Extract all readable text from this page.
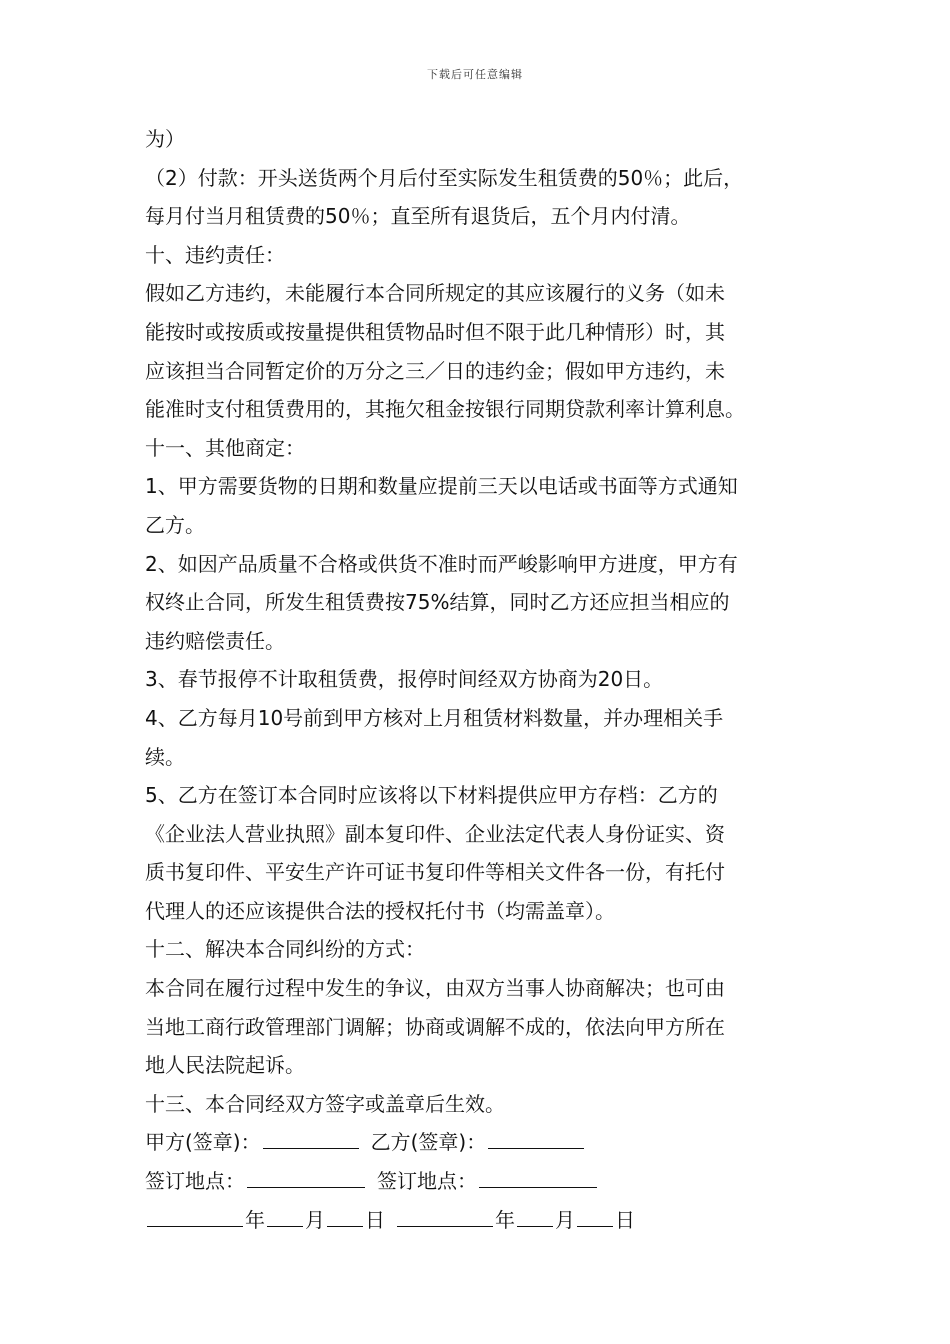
下载后可任意编辑
为）
（2）付款：开头送货两个月后付至实际发生租赁费的50％；此后，
每月付当月租赁费的50％；直至所有退货后，五个月内付清。
十、违约责任：
假如乙方违约，未能履行本合同所规定的其应该履行的义务（如未
能按时或按质或按量提供租赁物品时但不限于此几种情形）时，其
应该担当合同暂定价的万分之三／日的违约金；假如甲方违约，未
能准时支付租赁费用的，其拖欠租金按银行同期贷款利率计算利息。
十一、其他商定：
1、甲方需要货物的日期和数量应提前三天以电话或书面等方式通知
乙方。
2、如因产品质量不合格或供货不准时而严峻影响甲方进度，甲方有
权终止合同，所发生租赁费按75%结算，同时乙方还应担当相应的
违约赔偿责任。
3、春节报停不计取租赁费，报停时间经双方协商为20日。
4、乙方每月10号前到甲方核对上月租赁材料数量，并办理相关手
续。
5、乙方在签订本合同时应该将以下材料提供应甲方存档：乙方的
《企业法人营业执照》副本复印件、企业法定代表人身份证实、资
质书复印件、平安生产许可证书复印件等相关文件各一份，有托付
代理人的还应该提供合法的授权托付书（均需盖章）。
十二、解决本合同纠纷的方式：
本合同在履行过程中发生的争议，由双方当事人协商解决；也可由
当地工商行政管理部门调解；协商或调解不成的，依法向甲方所在
地人民法院起诉。
十三、本合同经双方签字或盖章后生效。
甲方(签章)：	乙方(签章)：
签订地点：	签订地点：
年 月 日	年 月 日
